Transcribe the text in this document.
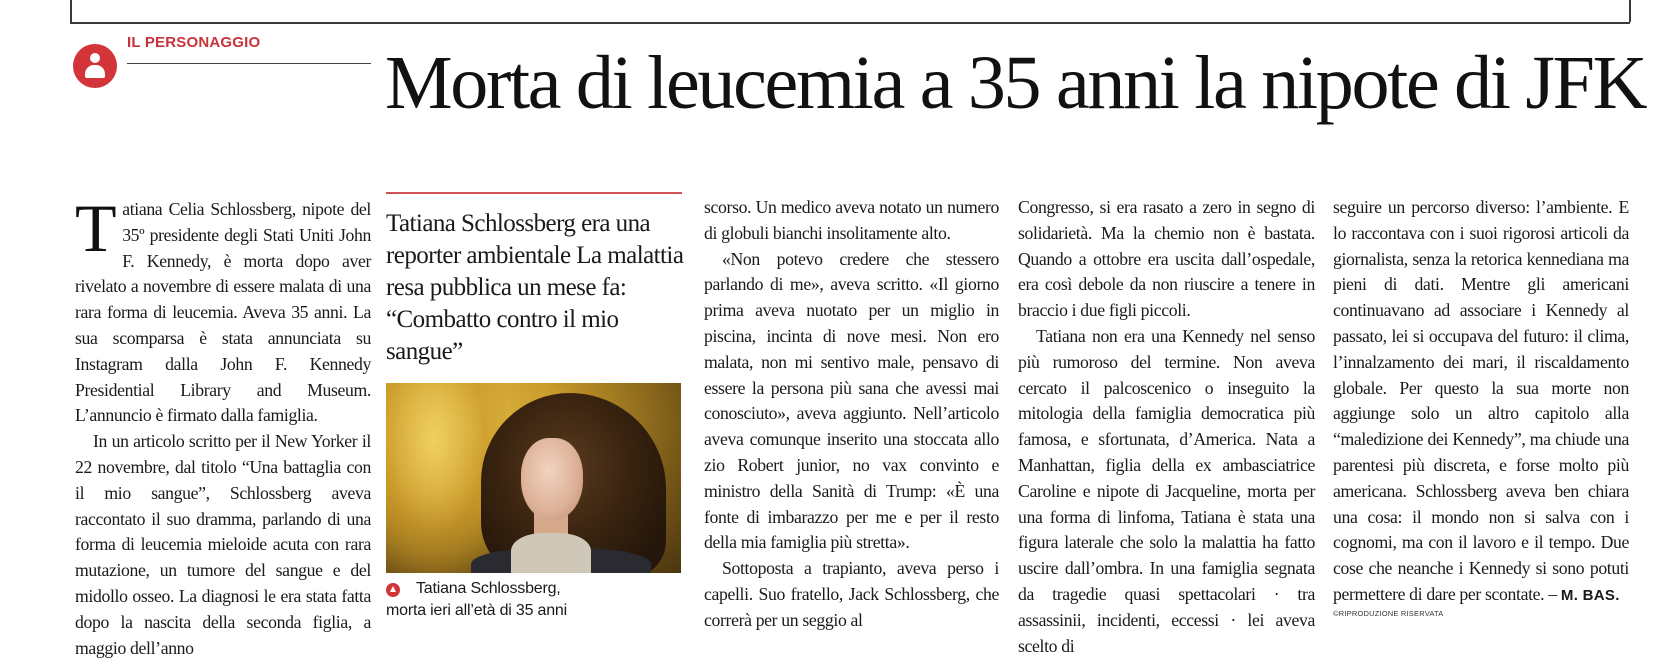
IL PERSONAGGIO Morta di leucemia a 35 anni la nipote di JFK

Tatiana Celia Schlossberg, nipote del 35º presidente degli Stati Uniti John F. Kennedy, è morta dopo aver rivelato a novembre di essere malata di una rara forma di leucemia. Aveva 35 anni. La sua scomparsa è stata annunciata su Instagram dalla John F. Kennedy Presidential Library and Museum. L’annuncio è firmato dalla famiglia.

In un articolo scritto per il New Yorker il 22 novembre, dal titolo “Una battaglia con il mio sangue”, Schlossberg aveva raccontato il suo dramma, parlando di una forma di leucemia mieloide acuta con rara mutazione, un tumore del sangue e del midollo osseo. La diagnosi le era stata fatta dopo la nascita della seconda figlia, a maggio dell’anno

Tatiana Schlossberg era una reporter ambientale La malattia resa pubblica un mese fa: “Combatto contro il mio sangue”
Tatiana Schlossberg,
morta ieri all’età di 35 anni

scorso. Un medico aveva notato un numero di globuli bianchi insolitamente alto.

«Non potevo credere che stessero parlando di me», aveva scritto. «Il giorno prima aveva nuotato per un miglio in piscina, incinta di nove mesi. Non ero malata, non mi sentivo male, pensavo di essere la persona più sana che avessi mai conosciuto», aveva aggiunto. Nell’articolo aveva comunque inserito una stoccata allo zio Robert junior, no vax convinto e ministro della Sanità di Trump: «È una fonte di imbarazzo per me e per il resto della mia famiglia più stretta».

Sottoposta a trapianto, aveva perso i capelli. Suo fratello, Jack Schlossberg, che correrà per un seggio al

Congresso, si era rasato a zero in segno di solidarietà. Ma la chemio non è bastata. Quando a ottobre era uscita dall’ospedale, era così debole da non riuscire a tenere in braccio i due figli piccoli.

Tatiana non era una Kennedy nel senso più rumoroso del termine. Non aveva cercato il palcoscenico o inseguito la mitologia della famiglia democratica più famosa, e sfortunata, d’America. Nata a Manhattan, figlia della ex ambasciatrice Caroline e nipote di Jacqueline, morta per una forma di linfoma, Tatiana è stata una figura laterale che solo la malattia ha fatto uscire dall’ombra. In una famiglia segnata da tragedie quasi spettacolari · tra assassinii, incidenti, eccessi · lei aveva scelto di

seguire un percorso diverso: l’ambiente. E lo raccontava con i suoi rigorosi articoli da giornalista, senza la retorica kennediana ma pieni di dati. Mentre gli americani continuavano ad associare i Kennedy al passato, lei si occupava del futuro: il clima, l’innalzamento dei mari, il riscaldamento globale. Per questo la sua morte non aggiunge solo un altro capitolo alla “maledizione dei Kennedy”, ma chiude una parentesi più discreta, e forse molto più americana. Schlossberg aveva ben chiara una cosa: il mondo non si salva con i cognomi, ma con il lavoro e il tempo. Due cose che neanche i Kennedy si sono potuti permettere di dare per scontate. – M. BAS.

©RIPRODUZIONE RISERVATA
